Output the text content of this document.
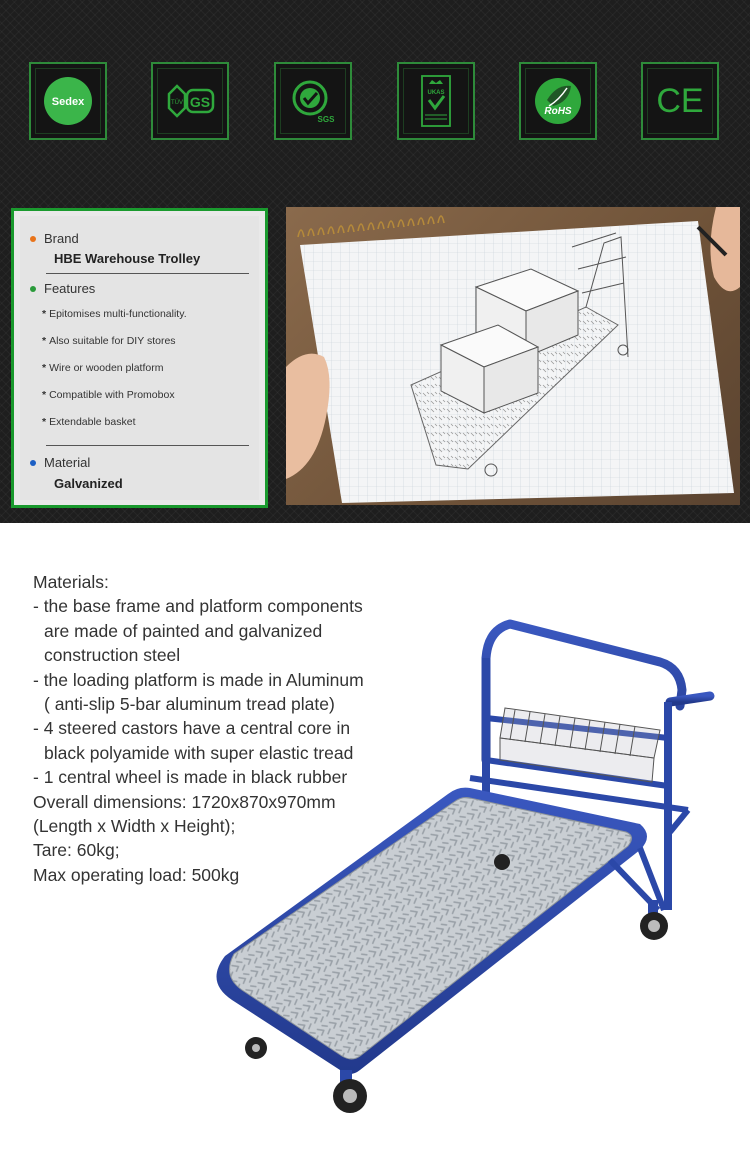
Sedex	TÜV GS
SGS
UKAS
RoHS CE
Brand
HBE Warehouse Trolley
Features
* Epitomises multi-functionality.
* Also suitable for DIY stores
* Wire or wooden platform
* Compatible with Promobox
* Extendable basket
Material
Galvanized
Materials:
- the base frame and platform components
are made of painted and galvanized
construction steel
- the loading platform is made in Aluminum
( anti-slip 5-bar aluminum tread plate)
- 4 steered castors have a central core in
black polyamide with super elastic tread
- 1 central wheel is made in black rubber
Overall dimensions: 1720x870x970mm
(Length x Width x Height);
Tare: 60kg;
Max operating load: 500kg
